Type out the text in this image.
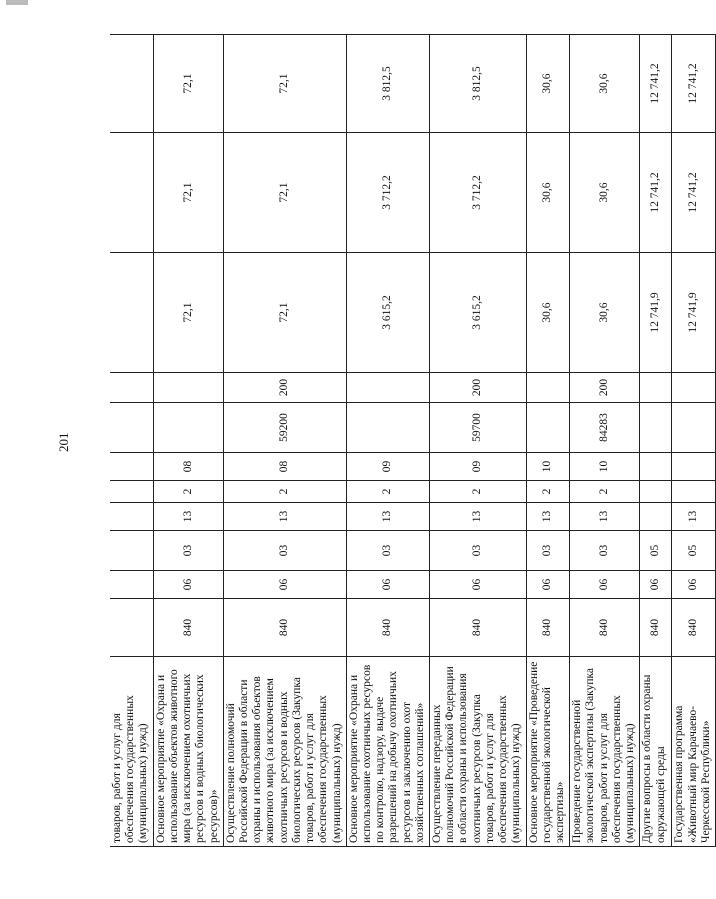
201
товаров, работ и услуг для обеспечения государственных (муниципальных) нужд)											
Основное мероприятие «Охрана и использование объектов животного мира (за исключением охотничьих ресурсов и водных биологических ресурсов)»	840	06	03	13	2	08			72,1	72,1	72,1
Осуществление полномочий Российской Федерации в области охраны и использования объектов животного мира (за исключением охотничьих ресурсов и водных биологических ресурсов (Закупка товаров, работ и услуг для обеспечения государственных (муниципальных) нужд)	840	06	03	13	2	08	59200	200	72,1	72,1	72,1
Основное мероприятие «Охрана и использование охотничьих ресурсов по контролю, надзору, выдаче разрешений на добычу охотничьих ресурсов и заключению охот хозяйственных соглашений»	840	06	03	13	2	09			3 615,2	3 712,2	3 812,5
Осуществление переданных полномочий Российской Федерации в области охраны и использования охотничьих ресурсов (Закупка товаров, работ и услуг для обеспечения государственных (муниципальных) нужд)	840	06	03	13	2	09	59700	200	3 615,2	3 712,2	3 812,5
Основное мероприятие «Проведение государственной экологической экспертизы»	840	06	03	13	2	10			30,6	30,6	30,6
Проведение государственной экологической экспертизы (Закупка товаров, работ и услуг для обеспечения государственных (муниципальных) нужд)	840	06	03	13	2	10	84283	200	30,6	30,6	30,6
Другие вопросы в области охраны окружающей среды	840	06	05						12 741,9	12 741,2	12 741,2
Государственная программа «Животный мир Карачаево-Черкесской Республики»	840	06	05	13					12 741,9	12 741,2	12 741,2
